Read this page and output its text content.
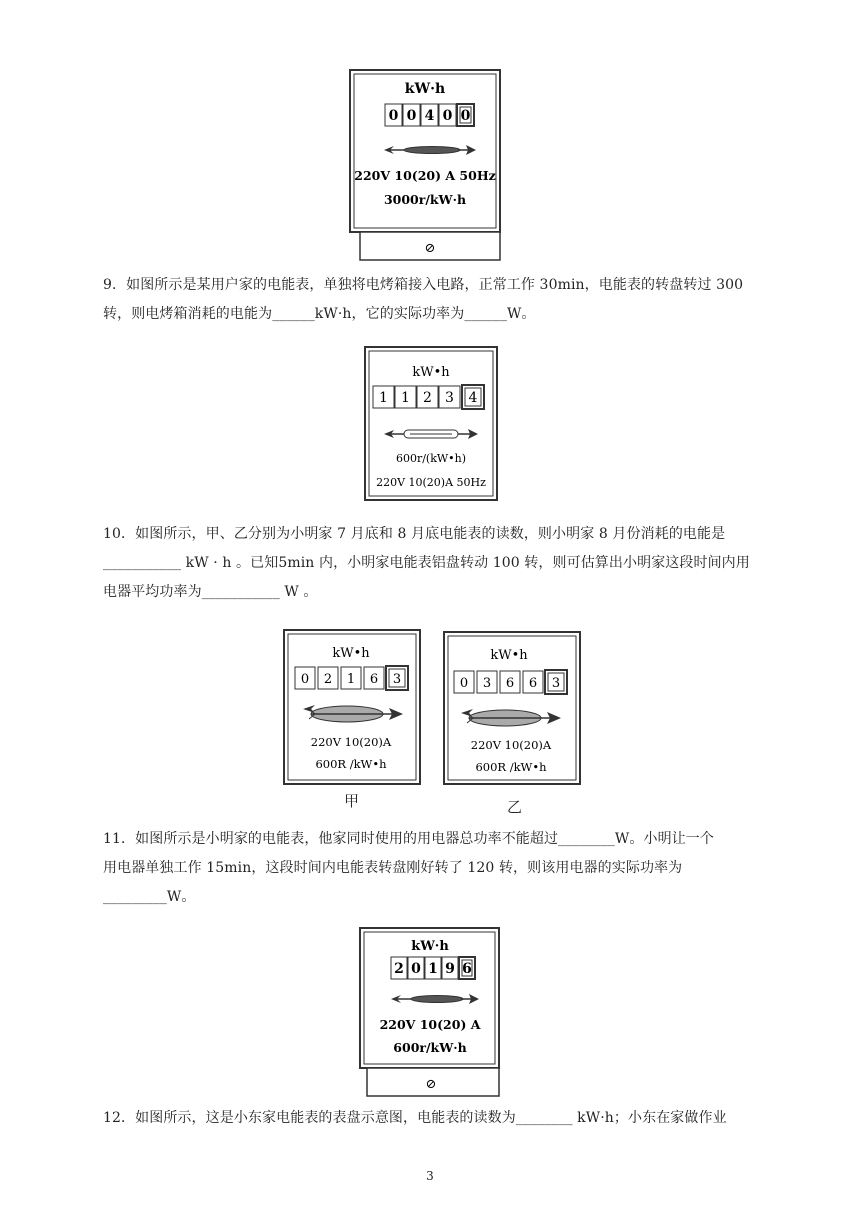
kW·h
0 0 4 0 0
220V 10(20) A 50Hz
3000r/kW·h
⊘
9．如图所示是某用户家的电能表，单独将电烤箱接入电路，正常工作 30min，电能表的转盘转过 300
转，则电烤箱消耗的电能为______kW·h，它的实际功率为______W。
kW•h
1 1 2 3 4
600r/(kW•h)
220V 10(20)A 50Hz
10．如图所示，甲、乙分别为小明家 7 月底和 8 月底电能表的读数，则小明家 8 月份消耗的电能是
___________ kW · h 。已知5min 内，小明家电能表铝盘转动 100 转，则可估算出小明家这段时间内用
电器平均功率为___________ W 。
kW•h
0 2 1 6 3
220V 10(20)A
600R /kW•h
甲
kW•h
0 3 6 6 3
220V 10(20)A
600R /kW•h
乙
11．如图所示是小明家的电能表，他家同时使用的用电器总功率不能超过________W。小明让一个
用电器单独工作 15min，这段时间内电能表转盘刚好转了 120 转，则该用电器的实际功率为
_________W。
kW·h
2 0 1 9 6
220V 10(20) A
600r/kW·h
⊘
12．如图所示，这是小东家电能表的表盘示意图，电能表的读数为________ kW·h；小东在家做作业
3
